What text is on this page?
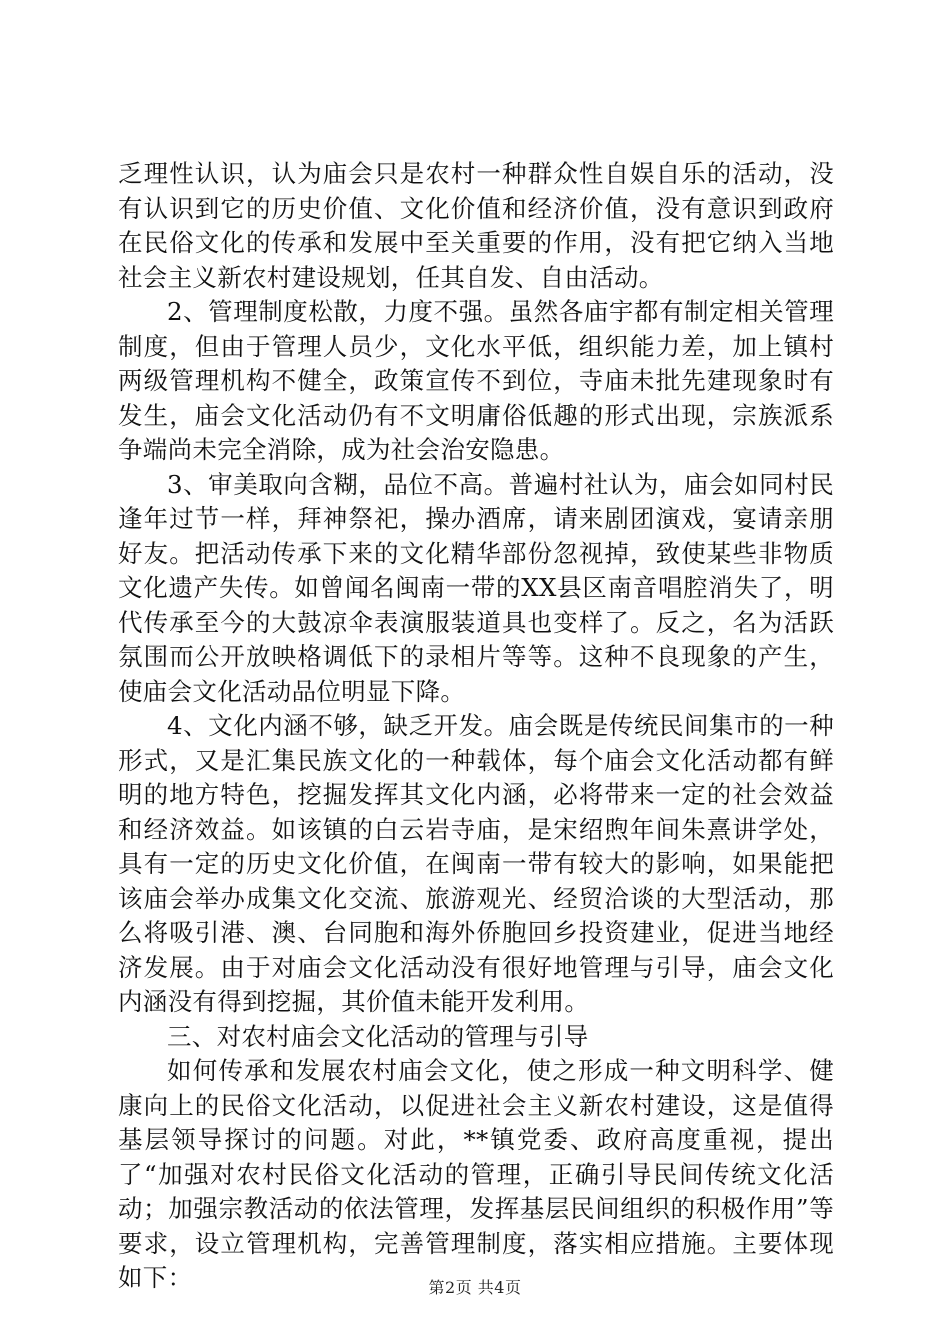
乏理性认识，认为庙会只是农村一种群众性自娱自乐的活动，没有认识到它的历史价值、文化价值和经济价值，没有意识到政府在民俗文化的传承和发展中至关重要的作用，没有把它纳入当地社会主义新农村建设规划，任其自发、自由活动。

2、管理制度松散，力度不强。虽然各庙宇都有制定相关管理制度，但由于管理人员少，文化水平低，组织能力差，加上镇村两级管理机构不健全，政策宣传不到位，寺庙未批先建现象时有发生，庙会文化活动仍有不文明庸俗低趣的形式出现，宗族派系争端尚未完全消除，成为社会治安隐患。

3、审美取向含糊，品位不高。普遍村社认为，庙会如同村民逢年过节一样，拜神祭祀，操办酒席，请来剧团演戏，宴请亲朋好友。把活动传承下来的文化精华部份忽视掉，致使某些非物质文化遗产失传。如曾闻名闽南一带的XX县区南音唱腔消失了，明代传承至今的大鼓凉伞表演服装道具也变样了。反之，名为活跃氛围而公开放映格调低下的录相片等等。这种不良现象的产生，使庙会文化活动品位明显下降。

4、文化内涵不够，缺乏开发。庙会既是传统民间集市的一种形式，又是汇集民族文化的一种载体，每个庙会文化活动都有鲜明的地方特色，挖掘发挥其文化内涵，必将带来一定的社会效益和经济效益。如该镇的白云岩寺庙，是宋绍煦年间朱熹讲学处，具有一定的历史文化价值，在闽南一带有较大的影响，如果能把该庙会举办成集文化交流、旅游观光、经贸洽谈的大型活动，那么将吸引港、澳、台同胞和海外侨胞回乡投资建业，促进当地经济发展。由于对庙会文化活动没有很好地管理与引导，庙会文化内涵没有得到挖掘，其价值未能开发利用。

三、对农村庙会文化活动的管理与引导

如何传承和发展农村庙会文化，使之形成一种文明科学、健康向上的民俗文化活动，以促进社会主义新农村建设，这是值得基层领导探讨的问题。对此，**镇党委、政府高度重视，提出了“加强对农村民俗文化活动的管理，正确引导民间传统文化活动；加强宗教活动的依法管理，发挥基层民间组织的积极作用”等要求，设立管理机构，完善管理制度，落实相应措施。主要体现如下：	第2页 共4页
